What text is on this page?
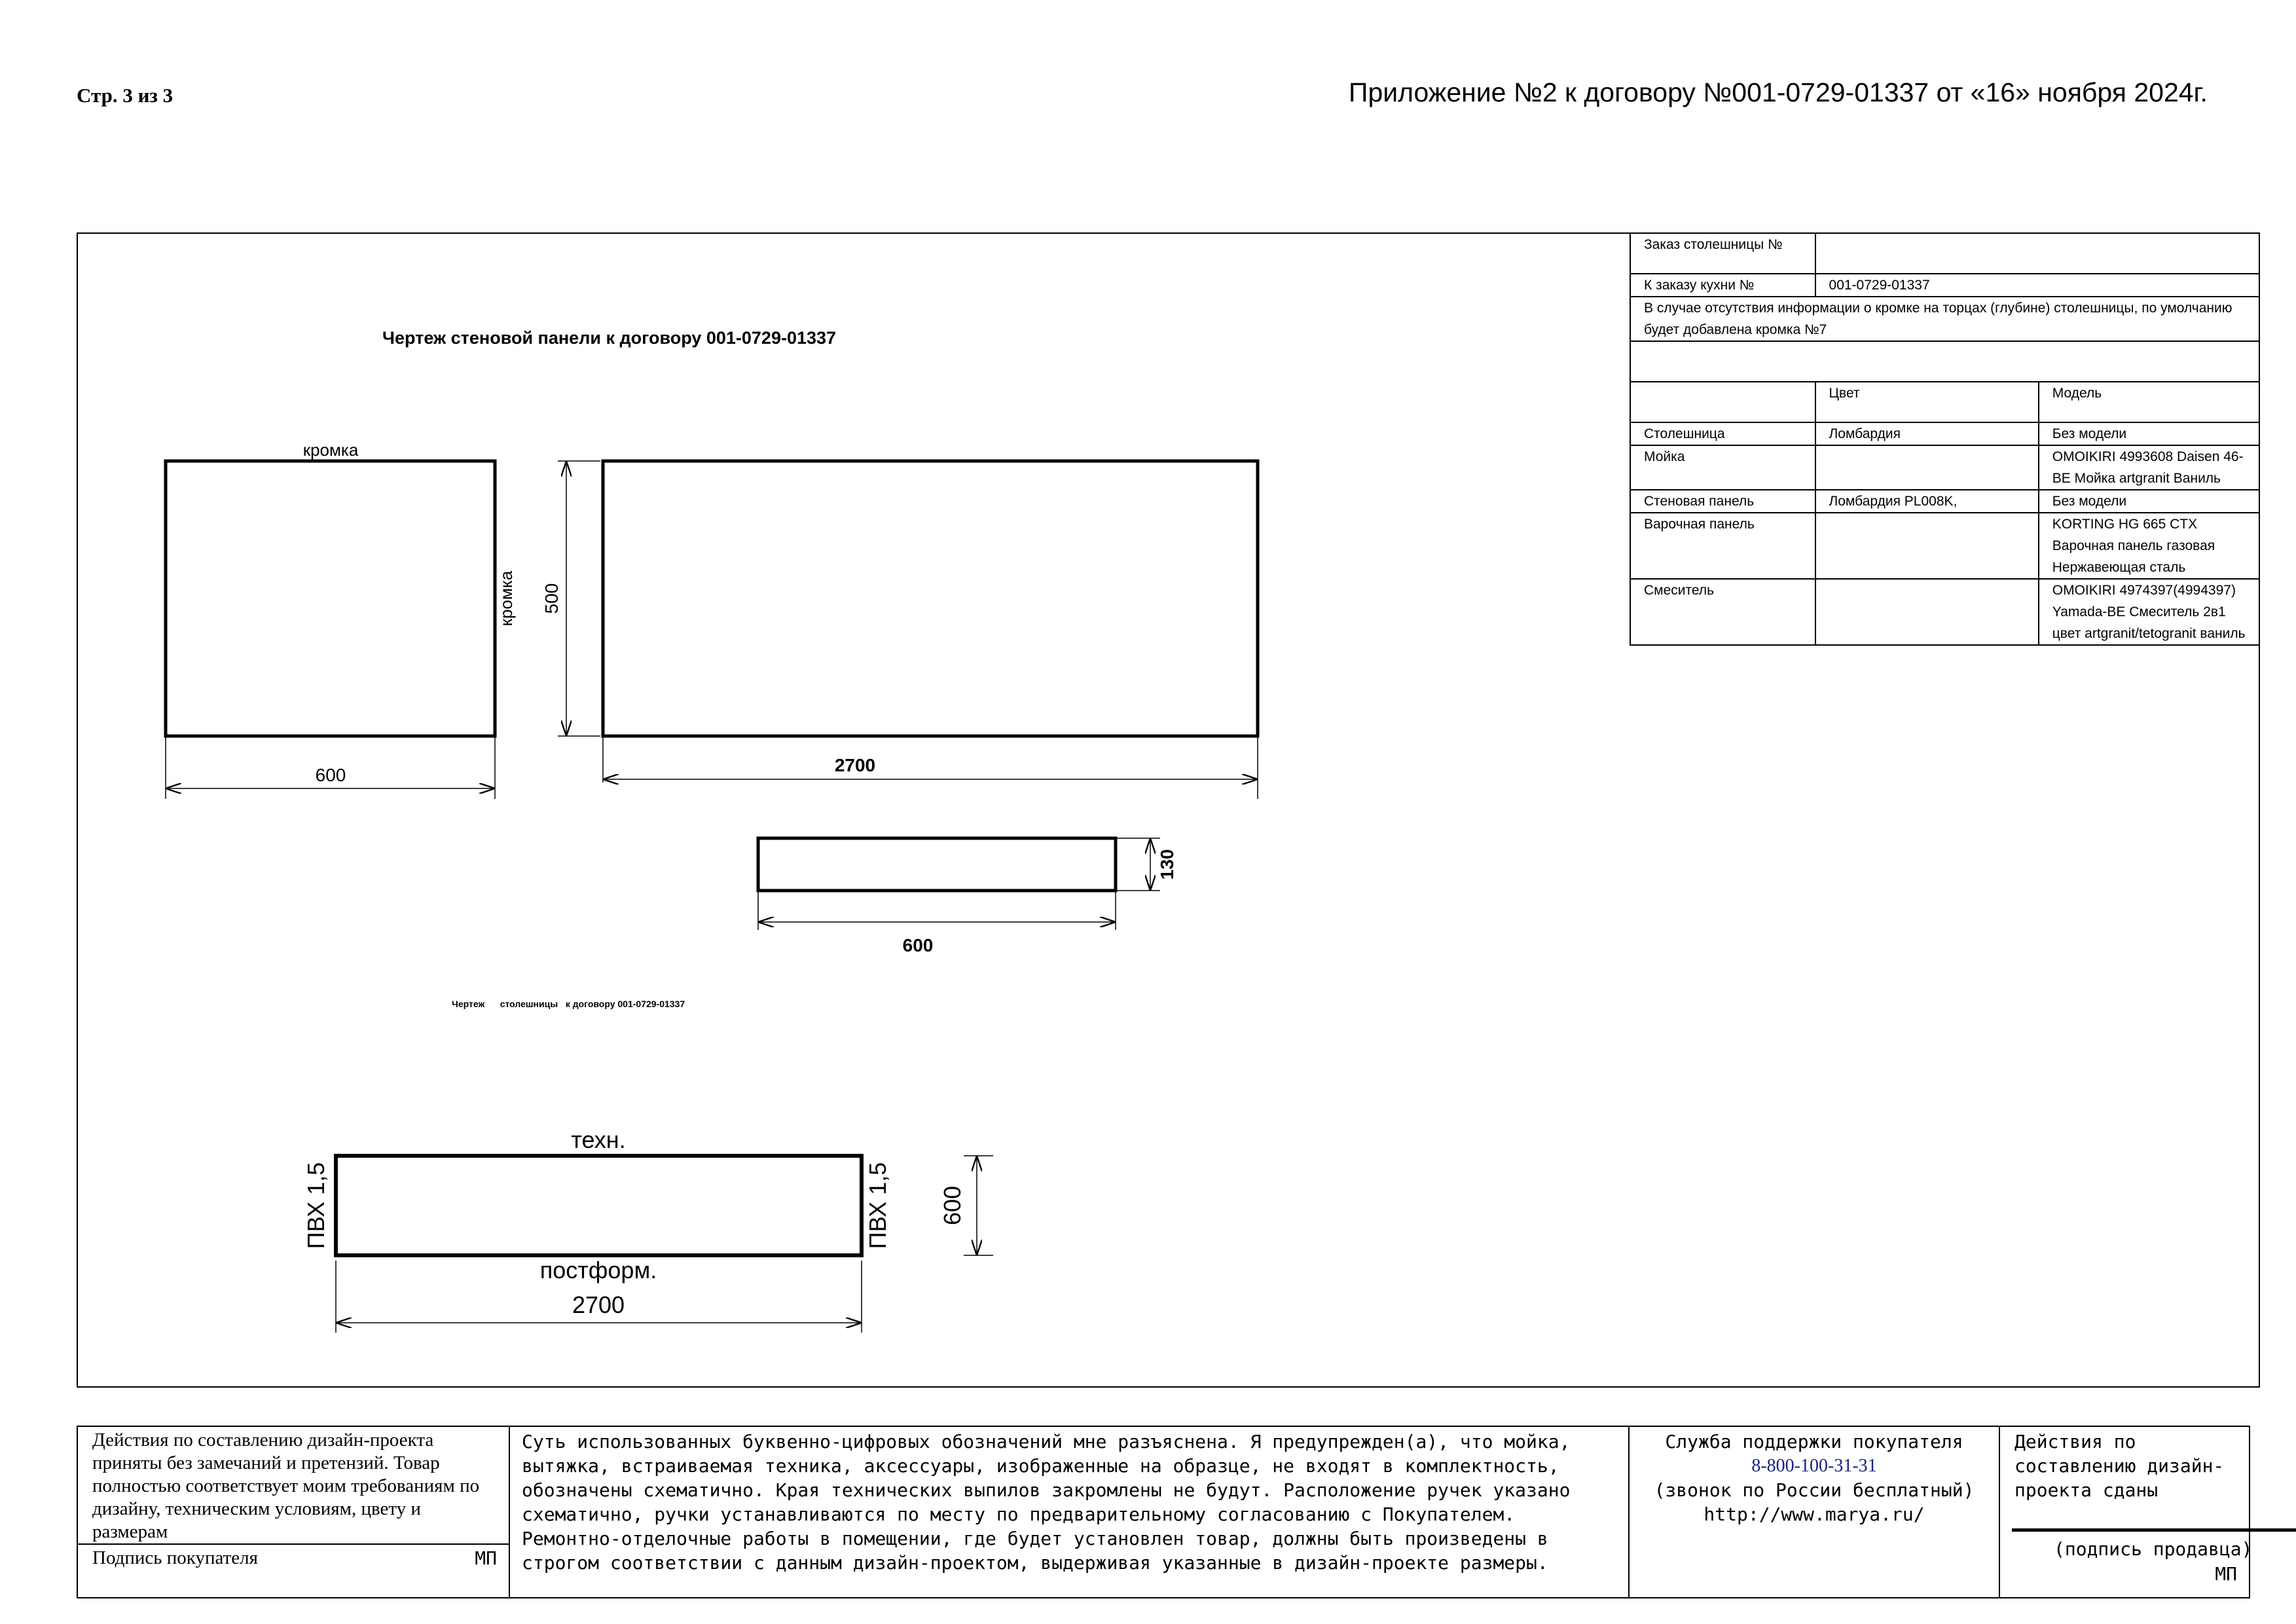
Стр. 3 из 3	Приложение №2 к договору №001-0729-01337 от «16» ноября 2024г.
Чертеж стеновой панели к договору 001-0729-01337
кромка
кромка
600
500
2700
130
600
Чертеж      столешницы   к договору 001-0729-01337
техн.
постформ.
ПВХ 1,5	ПВХ 1,5 600
2700
Заказ столешницы №		
К заказу кухни №	001-0729-01337	
В случае отсутствия информации о кромке на торцах (глубине) столешницы, по умолчанию будет добавлена кромка №7		

	Цвет	Модель
Столешница	Ломбардия	Без модели
Мойка		OMOIKIRI 4993608 Daisen 46-BE Мойка artgranit Ваниль
Стеновая панель	Ломбардия PL008K,	Без модели
Варочная панель		KORTING HG 665 CTX Варочная панель газовая Нержавеющая сталь
Смеситель		OMOIKIRI 4974397(4994397) Yamada-BE Смеситель 2в1 цвет artgranit/tetogranit ваниль
Действия по составлению дизайн-проекта приняты без замечаний и претензий. Товар полностью соответствует моим требованиям по дизайну, техническим условиям, цвету и размерам
Подпись покупателя	МП
Суть использованных буквенно-цифровых обозначений мне разъяснена. Я предупрежден(а), что мойка, вытяжка, встраиваемая техника, аксессуары, изображенные на образце, не входят в комплектность, обозначены схематично. Края технических выпилов закромлены не будут. Расположение ручек указано схематично, ручки устанавливаются по месту по предварительному согласованию с Покупателем. Ремонтно-отделочные работы в помещении, где будет установлен товар, должны быть произведены в строгом соответствии с данным дизайн-проектом, выдерживая указанные в дизайн-проекте размеры.
Служба поддержки покупателя
8-800-100-31-31
(звонок по России бесплатный)
http://www.marya.ru/
Действия по составлению дизайн-проекта сданы
(подпись продавца)
МП
